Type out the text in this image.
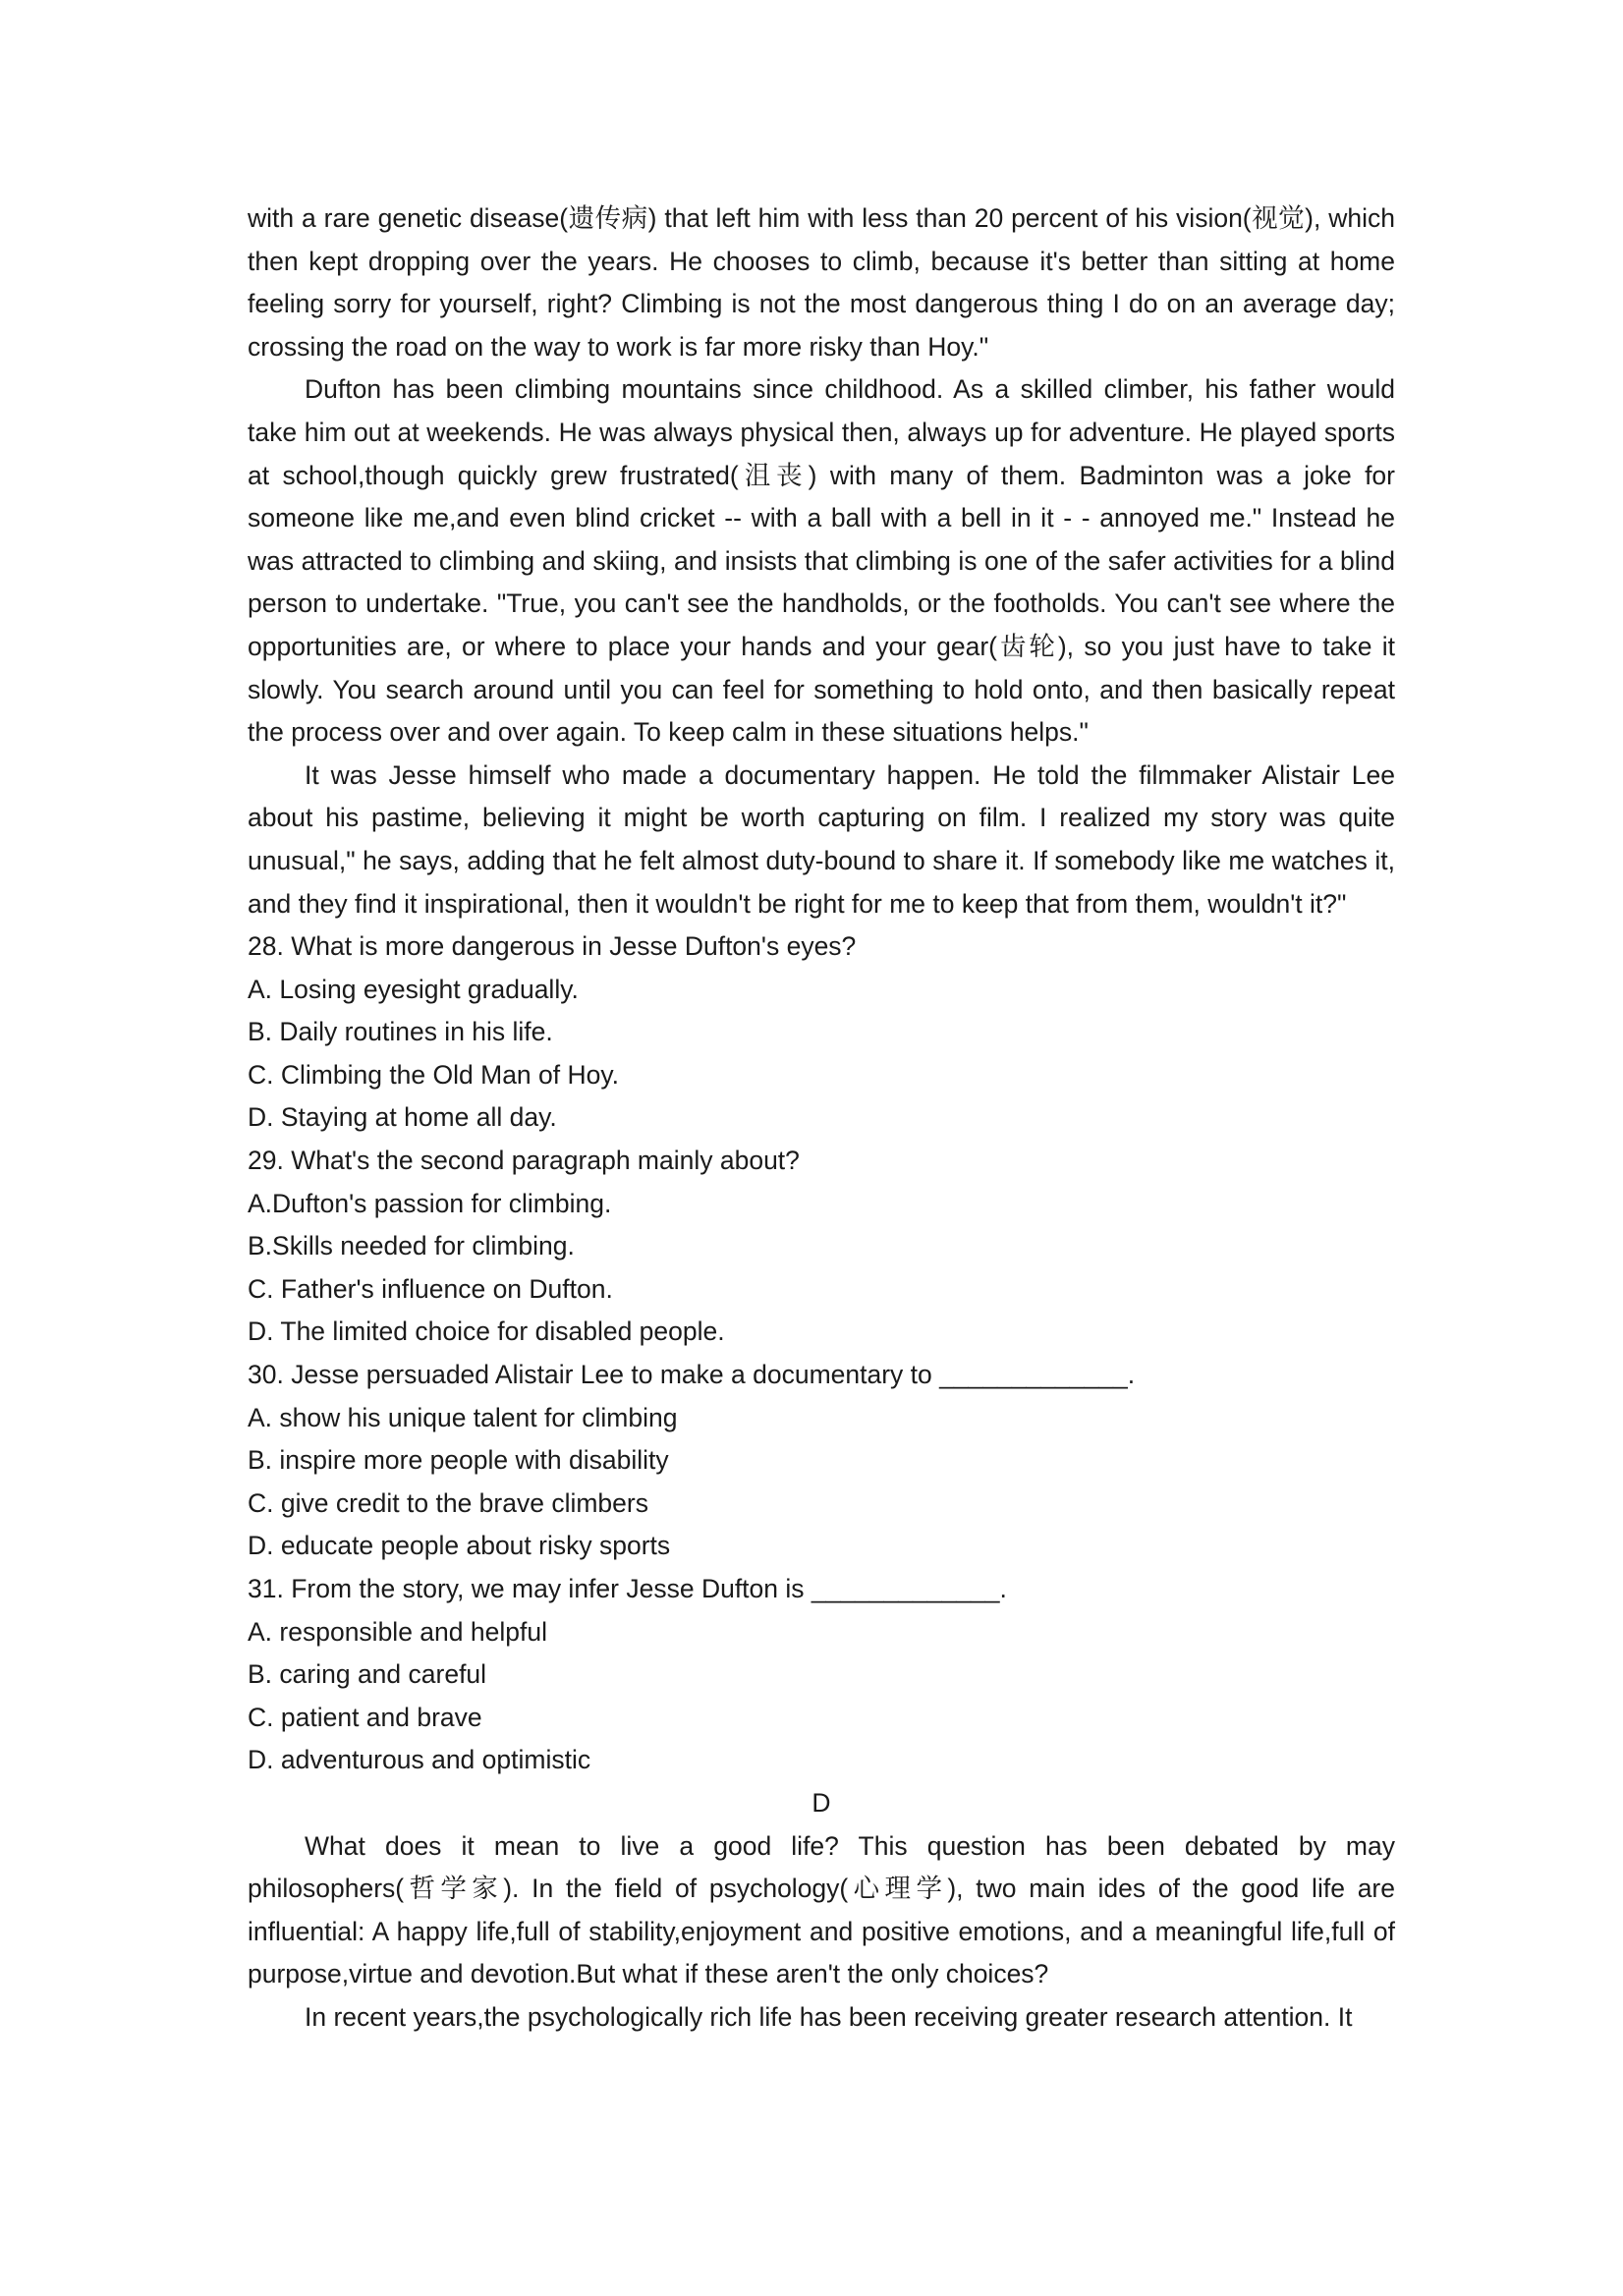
with a rare genetic disease(遗传病) that left him with less than 20 percent of his vision(视觉), which then kept dropping over the years. He chooses to climb, because it's better than sitting at home feeling sorry for yourself, right? Climbing is not the most dangerous thing I do on an average day; crossing the road on the way to work is far more risky than Hoy."

Dufton has been climbing mountains since childhood. As a skilled climber, his father would take him out at weekends. He was always physical then, always up for adventure. He played sports at school,though quickly grew frustrated(沮丧) with many of them. Badminton was a joke for someone like me,and even blind cricket -- with a ball with a bell in it - - annoyed me." Instead he was attracted to climbing and skiing, and insists that climbing is one of the safer activities for a blind person to undertake. "True, you can't see the handholds, or the footholds. You can't see where the opportunities are, or where to place your hands and your gear(齿轮), so you just have to take it slowly. You search around until you can feel for something to hold onto, and then basically repeat the process over and over again. To keep calm in these situations helps."

It was Jesse himself who made a documentary happen. He told the filmmaker Alistair Lee about his pastime, believing it might be worth capturing on film. I realized my story was quite unusual," he says, adding that he felt almost duty-bound to share it. If somebody like me watches it, and they find it inspirational, then it wouldn't be right for me to keep that from them, wouldn't it?"

28. What is more dangerous in Jesse Dufton's eyes?

A. Losing eyesight gradually.

B. Daily routines in his life.

C. Climbing the Old Man of Hoy.

D. Staying at home all day.

29. What's the second paragraph mainly about?

A.Dufton's passion for climbing.

B.Skills needed for climbing.

C. Father's influence on Dufton.

D. The limited choice for disabled people.

30. Jesse persuaded Alistair Lee to make a documentary to _____________.

A. show his unique talent for climbing

B. inspire more people with disability

C. give credit to the brave climbers

D. educate people about risky sports

31. From the story, we may infer Jesse Dufton is _____________.

A. responsible and helpful

B. caring and careful

C. patient and brave

D. adventurous and optimistic

D

What does it mean to live a good life? This question has been debated by may philosophers(哲学家). In the field of psychology(心理学), two main ides of the good life are influential: A happy life,full of stability,enjoyment and positive emotions, and a meaningful life,full of purpose,virtue and devotion.But what if these aren't the only choices?

In recent years,the psychologically rich life has been receiving greater research attention. It
